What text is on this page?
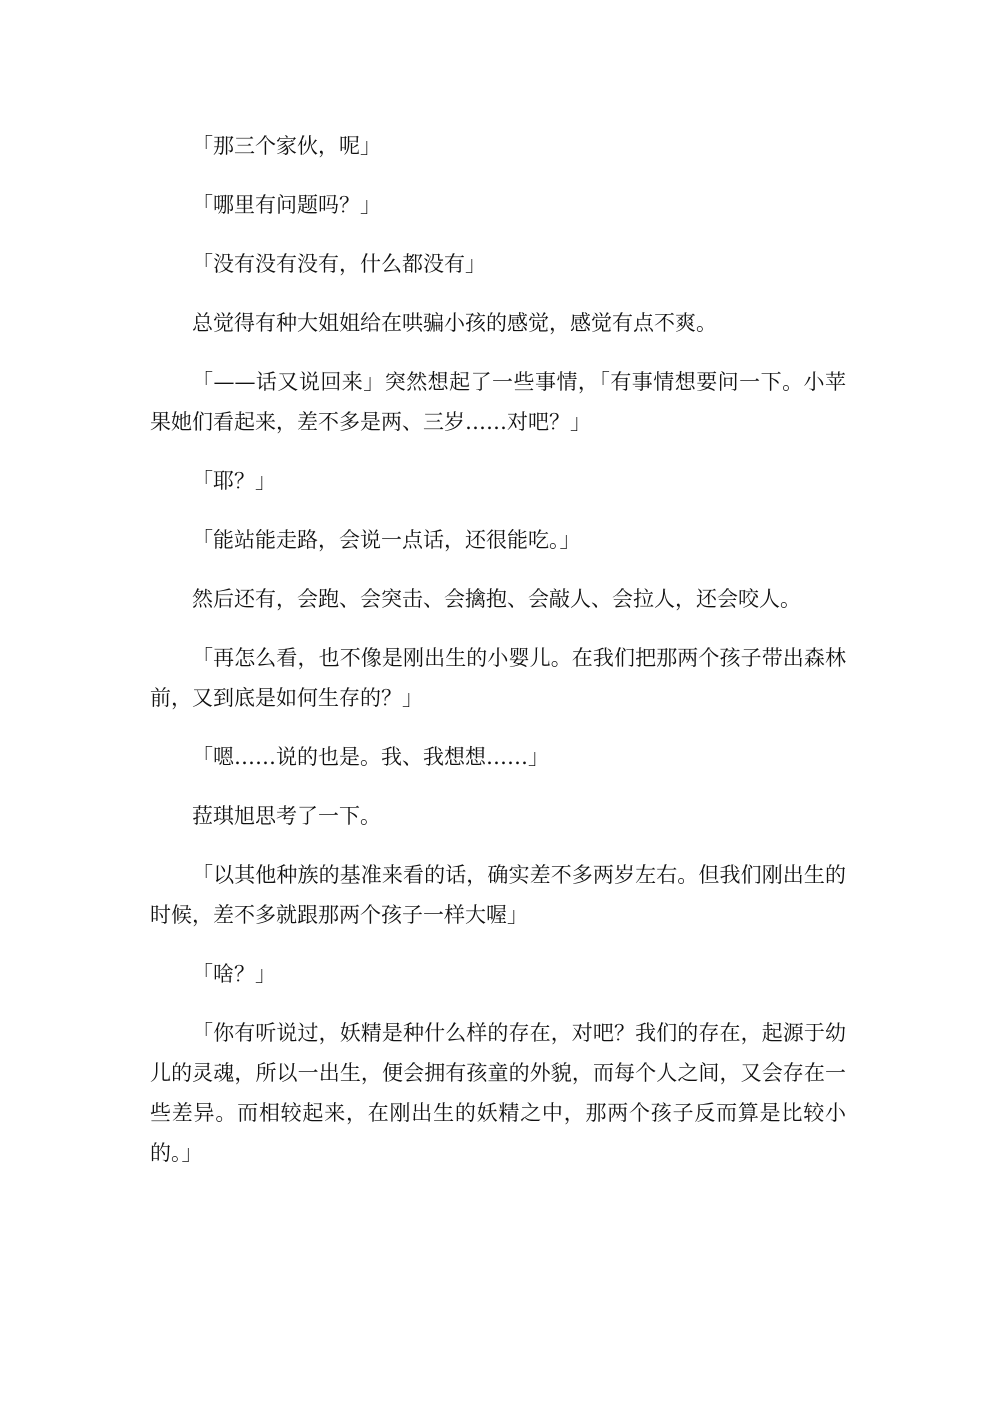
「那三个家伙，呢」

「哪里有问题吗？」

「没有没有没有，什么都没有」

总觉得有种大姐姐给在哄骗小孩的感觉，感觉有点不爽。

「——话又说回来」突然想起了一些事情，「有事情想要问一下。小苹果她们看起来，差不多是两、三岁……对吧？」

「耶？」

「能站能走路，会说一点话，还很能吃。」

然后还有，会跑、会突击、会擒抱、会敲人、会拉人，还会咬人。

「再怎么看，也不像是刚出生的小婴儿。在我们把那两个孩子带出森林前，又到底是如何生存的？」

「嗯……说的也是。我、我想想……」

菈琪旭思考了一下。

「以其他种族的基准来看的话，确实差不多两岁左右。但我们刚出生的时候，差不多就跟那两个孩子一样大喔」

「啥？」

「你有听说过，妖精是种什么样的存在，对吧？我们的存在，起源于幼儿的灵魂，所以一出生，便会拥有孩童的外貌，而每个人之间，又会存在一些差异。而相较起来，在刚出生的妖精之中，那两个孩子反而算是比较小的。」
